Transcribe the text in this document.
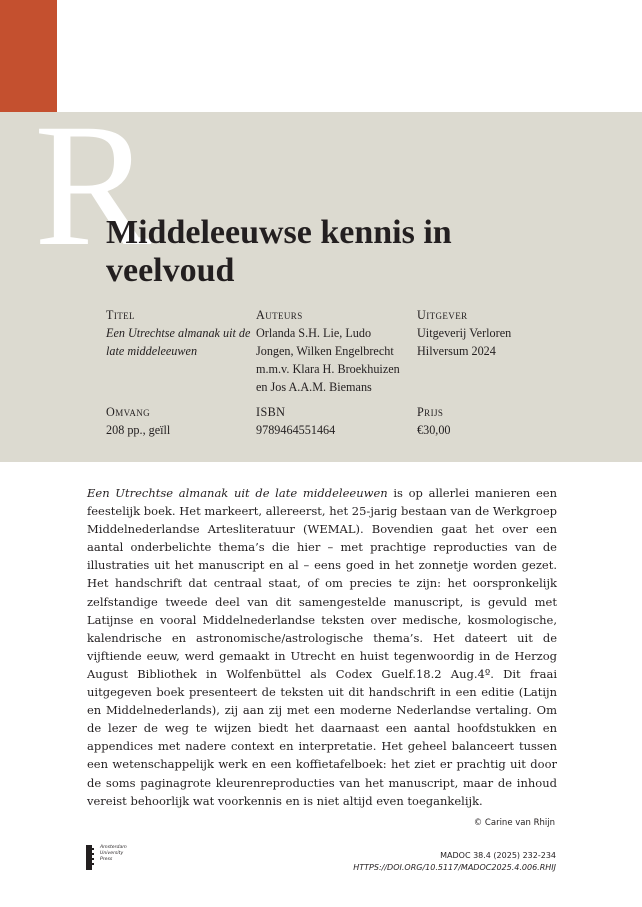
R
Middeleeuwse kennis in veelvoud
Titel
Een Utrechtse almanak uit de late middeleeuwen
Auteurs
Orlanda S.H. Lie, Ludo Jongen, Wilken Engelbrecht m.m.v. Klara H. Broekhuizen en Jos A.A.M. Biemans
Uitgever
Uitgeverij Verloren Hilversum 2024
Omvang
208 pp., geïll
ISBN
9789464551464
Prijs
€30,00

Een Utrechtse almanak uit de late middeleeuwen is op allerlei manieren een feestelijk boek. Het markeert, allereerst, het 25-jarig bestaan van de Werkgroep Middelnederlandse Artesliteratuur (WEMAL). Bovendien gaat het over een aantal onderbelichte thema’s die hier – met prachtige reproducties van de illustraties uit het manuscript en al – eens goed in het zonnetje worden gezet. Het handschrift dat centraal staat, of om precies te zijn: het oorspronkelijk zelfstandige tweede deel van dit samengestelde manuscript, is gevuld met Latijnse en vooral Middelnederlandse teksten over medische, kosmologische, kalendrische en astronomische/astrologische thema’s. Het dateert uit de vijftiende eeuw, werd gemaakt in Utrecht en huist tegenwoordig in de Herzog August Bibliothek in Wolfenbüttel als Codex Guelf.18.2 Aug.4º. Dit fraai uitgegeven boek presenteert de teksten uit dit handschrift in een editie (Latijn en Middelnederlands), zij aan zij met een moderne Nederlandse vertaling. Om de lezer de weg te wijzen biedt het daarnaast een aantal hoofdstukken en appendices met nadere context en interpretatie. Het geheel balanceert tussen een wetenschappelijk werk en een koffietafelboek: het ziet er prachtig uit door de soms paginagrote kleurenreproducties van het manuscript, maar de inhoud vereist behoorlijk wat voorkennis en is niet altijd even toegankelijk.

© Carine van Rhijn
Amsterdam
University
Press	MADOC 38.4 (2025) 232-234
HTTPS://DOI.ORG/10.5117/MADOC2025.4.006.RHIJ
